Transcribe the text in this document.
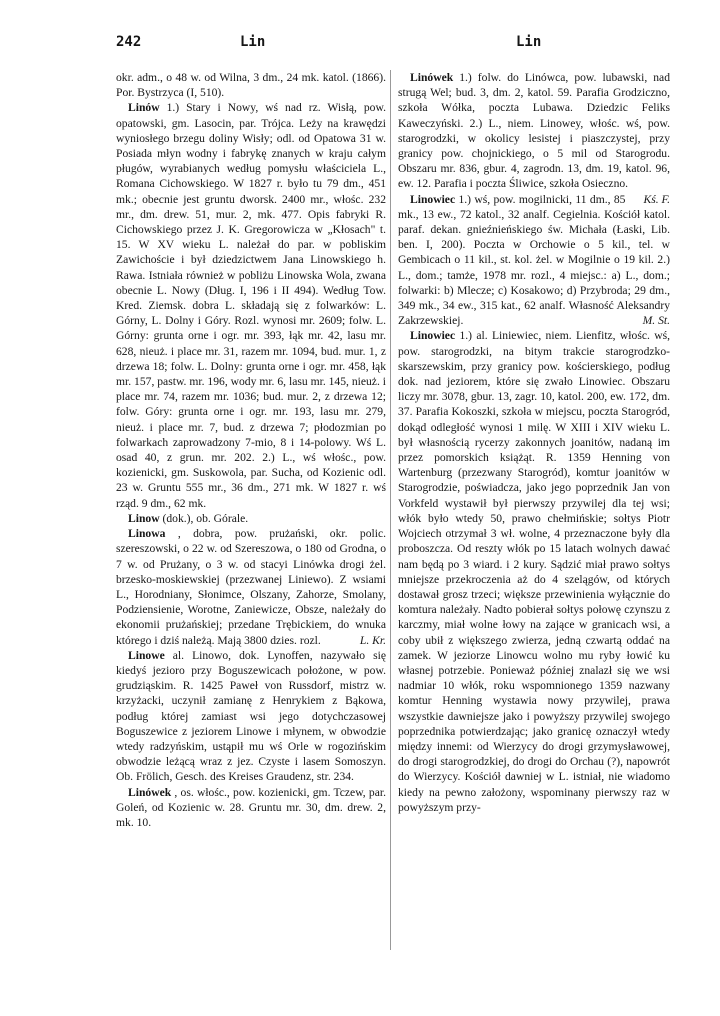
242	Lin	Lin

okr. adm., o 48 w. od Wilna, 3 dm., 24 mk. katol. (1866). Por. Bystrzyca (I, 510).

Linów 1.) Stary i Nowy, wś nad rz. Wisłą, pow. opatowski, gm. Lasocin, par. Trójca. Leży na krawędzi wyniosłego brzegu doliny Wisły; odl. od Opatowa 31 w. Posiada młyn wodny i fabrykę znanych w kraju całym pługów, wyrabianych według pomysłu właściciela L., Romana Cichowskiego. W 1827 r. było tu 79 dm., 451 mk.; obecnie jest gruntu dworsk. 2400 mr., włośc. 232 mr., dm. drew. 51, mur. 2, mk. 477. Opis fabryki R. Cichowskiego przez J. K. Gregorowicza w „Kłosach" t. 15. W XV wieku L. należał do par. w pobliskim Zawichoście i był dziedzictwem Jana Linowskiego h. Rawa. Istniała również w pobliżu Linowska Wola, zwana obecnie L. Nowy (Dług. I, 196 i II 494). Według Tow. Kred. Ziemsk. dobra L. składają się z folwarków: L. Górny, L. Dolny i Góry. Rozl. wynosi mr. 2609; folw. L. Górny: grunta orne i ogr. mr. 393, łąk mr. 42, lasu mr. 628, nieuż. i place mr. 31, razem mr. 1094, bud. mur. 1, z drzewa 18; folw. L. Dolny: grunta orne i ogr. mr. 458, łąk mr. 157, pastw. mr. 196, wody mr. 6, lasu mr. 145, nieuż. i place mr. 74, razem mr. 1036; bud. mur. 2, z drzewa 12; folw. Góry: grunta orne i ogr. mr. 193, lasu mr. 279, nieuż. i place mr. 7, bud. z drzewa 7; płodozmian po folwarkach zaprowadzony 7-mio, 8 i 14-polowy. Wś L. osad 40, z grun. mr. 202. 2.) L., wś włośc., pow. kozienicki, gm. Suskowola, par. Sucha, od Kozienic odl. 23 w. Gruntu 555 mr., 36 dm., 271 mk. W 1827 r. wś rząd. 9 dm., 62 mk.

Linow (dok.), ob. Górale.

Linowa , dobra, pow. prużański, okr. polic. szereszowski, o 22 w. od Szereszowa, o 180 od Grodna, o 7 w. od Prużany, o 3 w. od stacyi Linówka drogi żel. brzesko-moskiewskiej (przezwanej Liniewo). Z wsiami L., Horodniany, Słonimce, Olszany, Zahorze, Smolany, Podziensienie, Worotne, Zaniewicze, Obsze, należały do ekonomii prużańskiej; przedane Trębickiem, do wnuka którego i dziś należą. Mają 3800 dzies. rozl.	L. Kr.

Linowe al. Linowo, dok. Lynoffen, nazywało się kiedyś jezioro przy Boguszewicach położone, w pow. grudziąskim. R. 1425 Paweł von Russdorf, mistrz w. krzyżacki, uczynił zamianę z Henrykiem z Bąkowa, podług której zamiast wsi jego dotychczasowej Boguszewice z jeziorem Linowe i młynem, w obwodzie wtedy radzyńskim, ustąpił mu wś Orle w rogozińskim obwodzie leżącą wraz z jez. Czyste i lasem Somoszyn. Ob. Frölich, Gesch. des Kreises Graudenz, str. 234.

Linówek , os. włośc., pow. kozienicki, gm. Tczew, par. Goleń, od Kozienic w. 28. Gruntu mr. 30, dm. drew. 2, mk. 10.

Linówek 1.) folw. do Linówca, pow. lubawski, nad strugą Wel; bud. 3, dm. 2, katol. 59. Parafia Grodziczno, szkoła Wółka, poczta Lubawa. Dziedzic Feliks Kaweczyński. 2.) L., niem. Linowey, włośc. wś, pow. starogrodzki, w okolicy lesistej i piaszczystej, przy granicy pow. chojnickiego, o 5 mil od Starogrodu. Obszaru mr. 836, gbur. 4, zagrodn. 13, dm. 19, katol. 96, ew. 12. Parafia i poczta Śliwice, szkoła Osieczno.
Kś. F.

Linowiec 1.) wś, pow. mogilnicki, 11 dm., 85 mk., 13 ew., 72 katol., 32 analf. Cegielnia. Kościół katol. paraf. dekan. gnieźnieńskiego św. Michała (Łaski, Lib. ben. I, 200). Poczta w Orchowie o 5 kil., tel. w Gembicach o 11 kil., st. kol. żel. w Mogilnie o 19 kil. 2.) L., dom.; tamże, 1978 mr. rozl., 4 miejsc.: a) L., dom.; folwarki: b) Mlecze; c) Kosakowo; d) Przybroda; 29 dm., 349 mk., 34 ew., 315 kat., 62 analf. Własność Aleksandry Zakrzewskiej.	M. St.

Linowiec 1.) al. Liniewiec, niem. Lienfitz, włośc. wś, pow. starogrodzki, na bitym trakcie starogrodzko-skarszewskim, przy granicy pow. kościerskiego, podług dok. nad jeziorem, które się zwało Linowiec. Obszaru liczy mr. 3078, gbur. 13, zagr. 10, katol. 200, ew. 172, dm. 37. Parafia Kokoszki, szkoła w miejscu, poczta Starogród, dokąd odległość wynosi 1 milę. W XIII i XIV wieku L. był własnością rycerzy zakonnych joanitów, nadaną im przez pomorskich książąt. R. 1359 Henning von Wartenburg (przezwany Starogród), komtur joanitów w Starogrodzie, poświadcza, jako jego poprzednik Jan von Vorkfeld wystawił był pierwszy przywilej dla tej wsi; włók było wtedy 50, prawo chełmińskie; sołtys Piotr Wojciech otrzymał 3 wł. wolne, 4 przeznaczone były dla proboszcza. Od reszty włók po 15 latach wolnych dawać nam będą po 3 wiard. i 2 kury. Sądzić miał prawo sołtys mniejsze przekroczenia aż do 4 szelągów, od których dostawał grosz trzeci; większe przewinienia wyłącznie do komtura należały. Nadto pobierał sołtys połowę czynszu z karczmy, miał wolne łowy na zające w granicach wsi, a coby ubił z większego zwierza, jedną czwartą oddać na zamek. W jeziorze Linowcu wolno mu ryby łowić ku własnej potrzebie. Ponieważ później znalazł się we wsi nadmiar 10 włók, roku wspomnionego 1359 nazwany komtur Henning wystawia nowy przywilej, prawa wszystkie dawniejsze jako i powyższy przywilej swojego poprzednika potwierdzając; jako granicę oznaczył wtedy między innemi: od Wierzycy do drogi grzymysławowej, do drogi starogrodzkiej, do drogi do Orchau (?), napowrót do Wierzycy. Kościół dawniej w L. istniał, nie wiadomo kiedy na pewno założony, wspominany pierwszy raz w powyższym przy-
